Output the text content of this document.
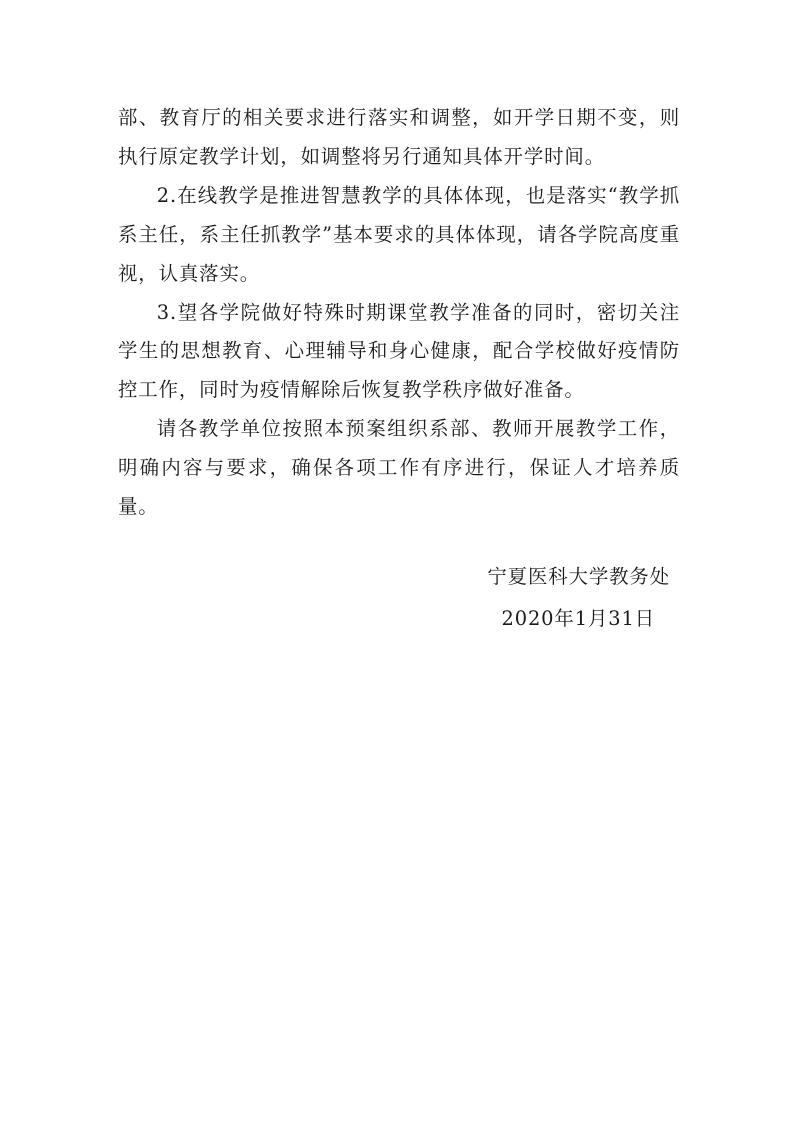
部、教育厅的相关要求进行落实和调整，如开学日期不变，则执行原定教学计划，如调整将另行通知具体开学时间。

2.在线教学是推进智慧教学的具体体现，也是落实“教学抓系主任，系主任抓教学”基本要求的具体体现，请各学院高度重视，认真落实。

3.望各学院做好特殊时期课堂教学准备的同时，密切关注学生的思想教育、心理辅导和身心健康，配合学校做好疫情防控工作，同时为疫情解除后恢复教学秩序做好准备。

请各教学单位按照本预案组织系部、教师开展教学工作，明确内容与要求，确保各项工作有序进行，保证人才培养质量。

宁夏医科大学教务处
2020年1月31日
